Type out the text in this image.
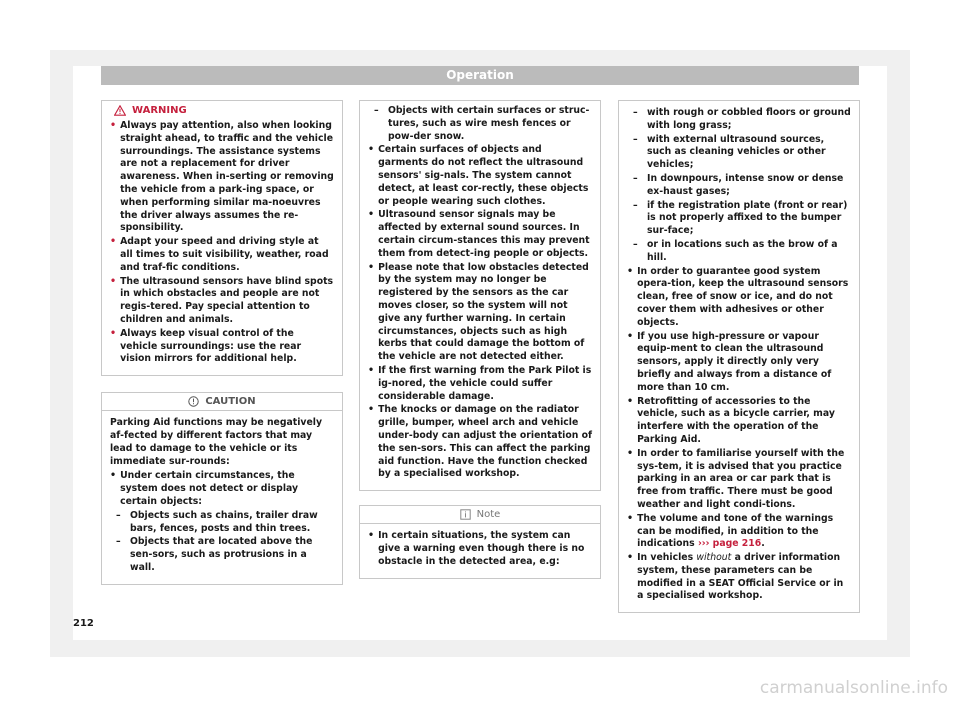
Operation
WARNING
• Always pay attention, also when looking straight ahead, to traffic and the vehicle surroundings. The assistance systems are not a replacement for driver awareness. When in-serting or removing the vehicle from a park-ing space, or when performing similar ma-noeuvres the driver always assumes the re-sponsibility.
• Adapt your speed and driving style at all times to suit visibility, weather, road and traf-fic conditions.
• The ultrasound sensors have blind spots in which obstacles and people are not regis-tered. Pay special attention to children and animals.
• Always keep visual control of the vehicle surroundings: use the rear vision mirrors for additional help.
CAUTION

Parking Aid functions may be negatively af-fected by different factors that may lead to damage to the vehicle or its immediate sur-rounds:

• Under certain circumstances, the system does not detect or display certain objects:
–	Objects such as chains, trailer draw bars, fences, posts and thin trees.
–	Objects that are located above the sen-sors, such as protrusions in a wall.
–	Objects with certain surfaces or struc-tures, such as wire mesh fences or pow-der snow.
• Certain surfaces of objects and garments do not reflect the ultrasound sensors' sig-nals. The system cannot detect, at least cor-rectly, these objects or people wearing such clothes.
• Ultrasound sensor signals may be affected by external sound sources. In certain circum-stances this may prevent them from detect-ing people or objects.
• Please note that low obstacles detected by the system may no longer be registered by the sensors as the car moves closer, so the system will not give any further warning. In certain circumstances, objects such as high kerbs that could damage the bottom of the vehicle are not detected either.
• If the first warning from the Park Pilot is ig-nored, the vehicle could suffer considerable damage.
• The knocks or damage on the radiator grille, bumper, wheel arch and vehicle under-body can adjust the orientation of the sen-sors. This can affect the parking aid function. Have the function checked by a specialised workshop.
Note
• In certain situations, the system can give a warning even though there is no obstacle in the detected area, e.g:
–	with rough or cobbled floors or ground with long grass;
–	with external ultrasound sources, such as cleaning vehicles or other vehicles;
–	In downpours, intense snow or dense ex-haust gases;
–	if the registration plate (front or rear) is not properly affixed to the bumper sur-face;
–	or in locations such as the brow of a hill.
• In order to guarantee good system opera-tion, keep the ultrasound sensors clean, free of snow or ice, and do not cover them with adhesives or other objects.
• If you use high-pressure or vapour equip-ment to clean the ultrasound sensors, apply it directly only very briefly and always from a distance of more than 10 cm.
• Retrofitting of accessories to the vehicle, such as a bicycle carrier, may interfere with the operation of the Parking Aid.
• In order to familiarise yourself with the sys-tem, it is advised that you practice parking in an area or car park that is free from traffic. There must be good weather and light condi-tions.
• The volume and tone of the warnings can be modified, in addition to the indications ››› page 216.
• In vehicles without a driver information system, these parameters can be modified in a SEAT Official Service or in a specialised workshop.
212
carmanualsonline.info
